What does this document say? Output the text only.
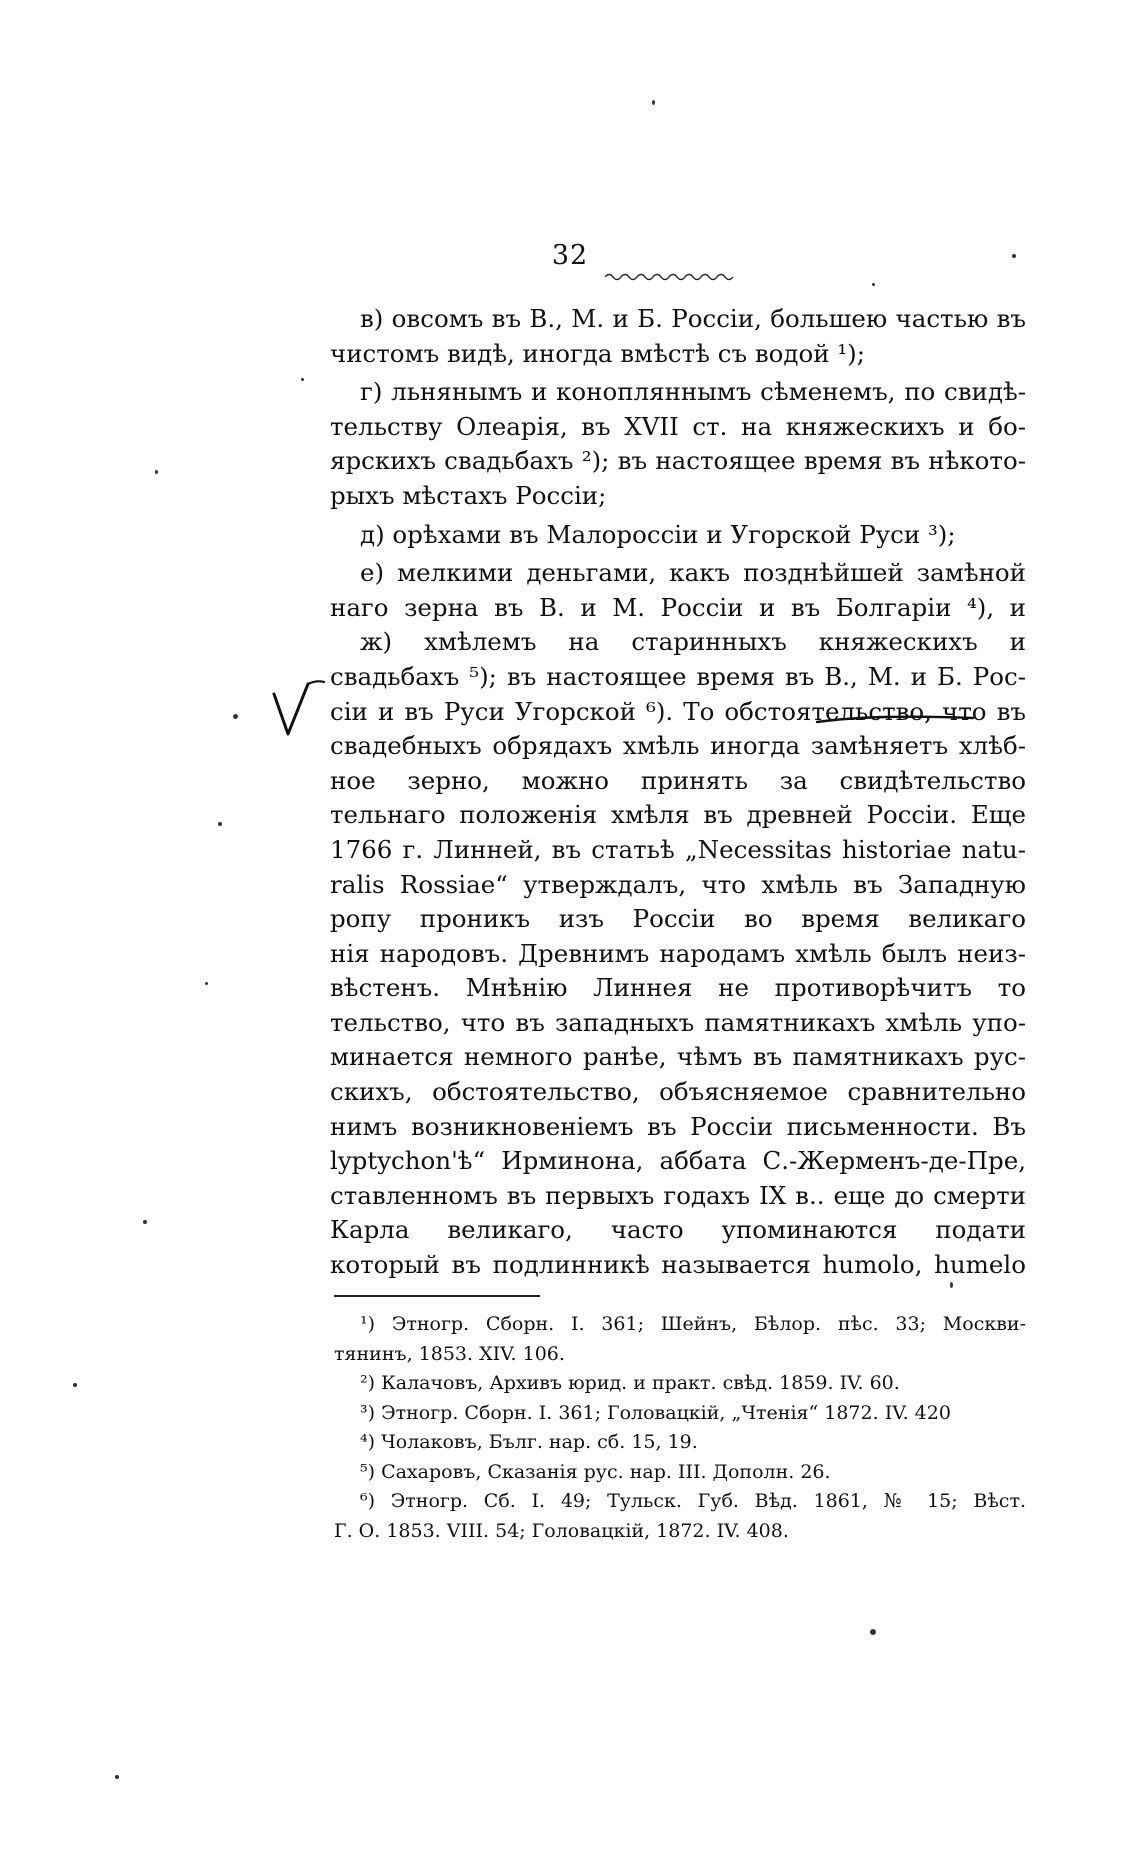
32
в) овсомъ въ В., М. и Б. Россіи, большею частью въ
чистомъ видѣ, иногда вмѣстѣ съ водой ¹);
г) льнянымъ и конопляннымъ сѣменемъ, по свидѣ-
тельству Олеарія, въ XVII ст. на княжескихъ и бо-
ярскихъ свадьбахъ ²); въ настоящее время въ нѣкото-
рыхъ мѣстахъ Россіи;
д) орѣхами въ Малороссіи и Угорской Руси ³);
е) мелкими деньгами, какъ позднѣйшей замѣной
наго зерна въ В. и М. Россіи и въ Болгаріи ⁴), и
ж) хмѣлемъ на старинныхъ княжескихъ и
свадьбахъ ⁵); въ настоящее время въ В., М. и Б. Рос-
сіи и въ Руси Угорской ⁶). То обстоятельство, что въ
свадебныхъ обрядахъ хмѣль иногда замѣняетъ хлѣб-
ное зерно, можно принять за свидѣтельство
тельнаго положенія хмѣля въ древней Россіи. Еще
1766 г. Линней, въ статьѣ „Necessitas historiae natu-
ralis Rossiae“ утверждалъ, что хмѣль въ Западную
ропу проникъ изъ Россіи во время великаго
нія народовъ. Древнимъ народамъ хмѣль былъ неиз-
вѣстенъ. Мнѣнію Линнея не противорѣчитъ то
тельство, что въ западныхъ памятникахъ хмѣль упо-
минается немного ранѣе, чѣмъ въ памятникахъ рус-
скихъ, обстоятельство, объясняемое сравнительно
нимъ возникновеніемъ въ Россіи письменности. Въ
lyptychon'ѣ“ Ирминона, аббата С.-Жерменъ-де-Пре,
ставленномъ въ первыхъ годахъ IX в.. еще до смерти
Карла великаго, часто упоминаются подати
который въ подлинникѣ называется humolo, humelo
¹) Этногр. Сборн. I. 361; Шейнъ, Бѣлор. пѣс. 33; Москви-
тянинъ, 1853. XIV. 106.
²) Калачовъ, Архивъ юрид. и практ. свѣд. 1859. IV. 60.
³) Этногр. Сборн. I. 361; Головацкій, „Чтенія“ 1872. IV. 420
⁴) Чолаковъ, Бълг. нар. сб. 15, 19.
⁵) Сахаровъ, Сказанія рус. нар. III. Дополн. 26.
⁶) Этногр. Сб. I. 49; Тульск. Губ. Вѣд. 1861, № 15; Вѣст.
Г. О. 1853. VIII. 54; Головацкій, 1872. IV. 408.
